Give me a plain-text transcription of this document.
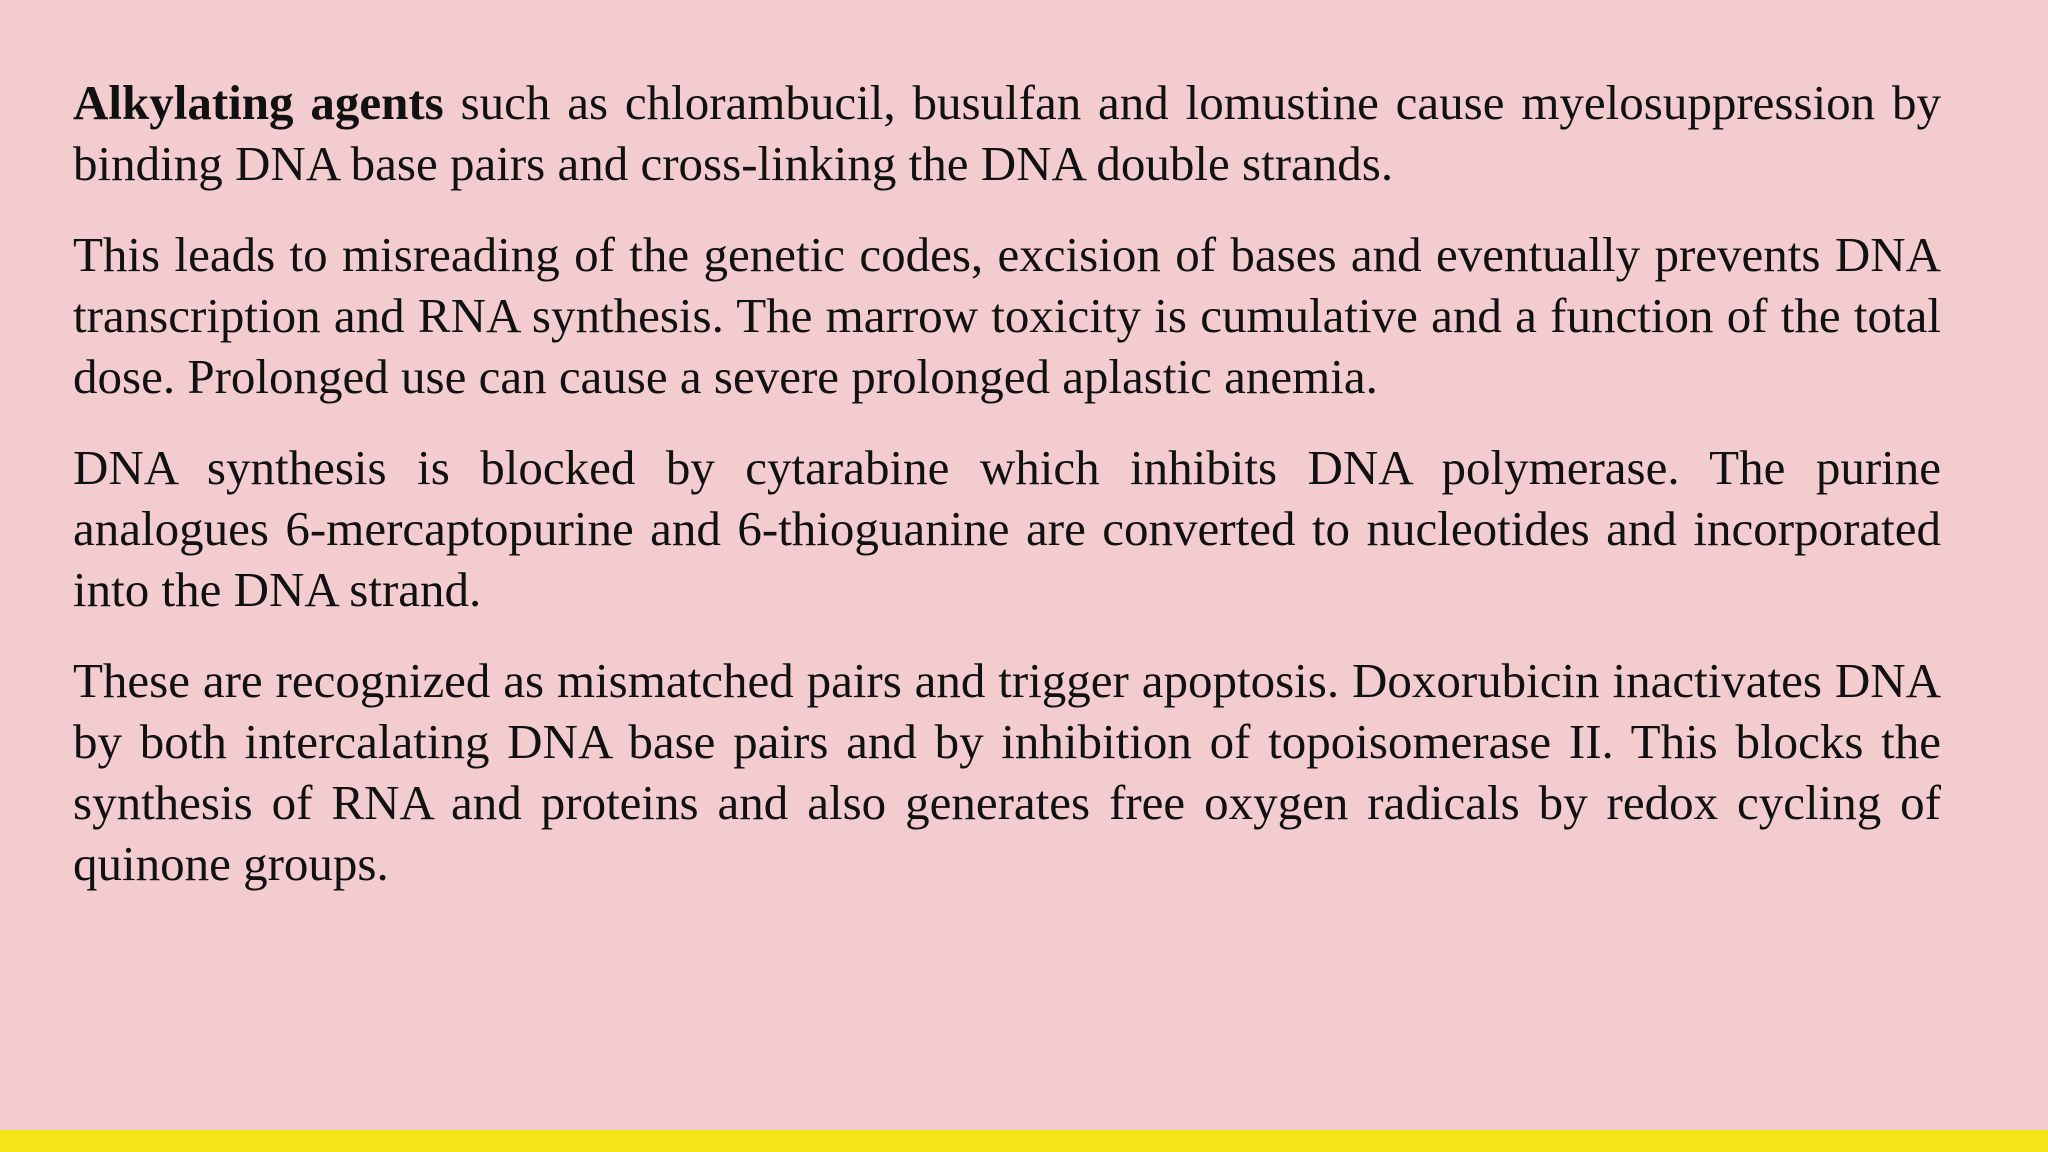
Alkylating agents such as chlorambucil, busulfan and lomustine cause myelosuppression by binding DNA base pairs and cross-linking the DNA double strands.

This leads to misreading of the genetic codes, excision of bases and eventually prevents DNA transcription and RNA synthesis. The marrow toxicity is cumulative and a function of the total dose. Prolonged use can cause a severe prolonged aplastic anemia.

DNA synthesis is blocked by cytarabine which inhibits DNA polymerase. The purine analogues 6-mercaptopurine and 6-thioguanine are converted to nucleotides and incorporated into the DNA strand.

These are recognized as mismatched pairs and trigger apoptosis. Doxorubicin inactivates DNA by both intercalating DNA base pairs and by inhibition of topoisomerase II. This blocks the synthesis of RNA and proteins and also generates free oxygen radicals by redox cycling of quinone groups.
